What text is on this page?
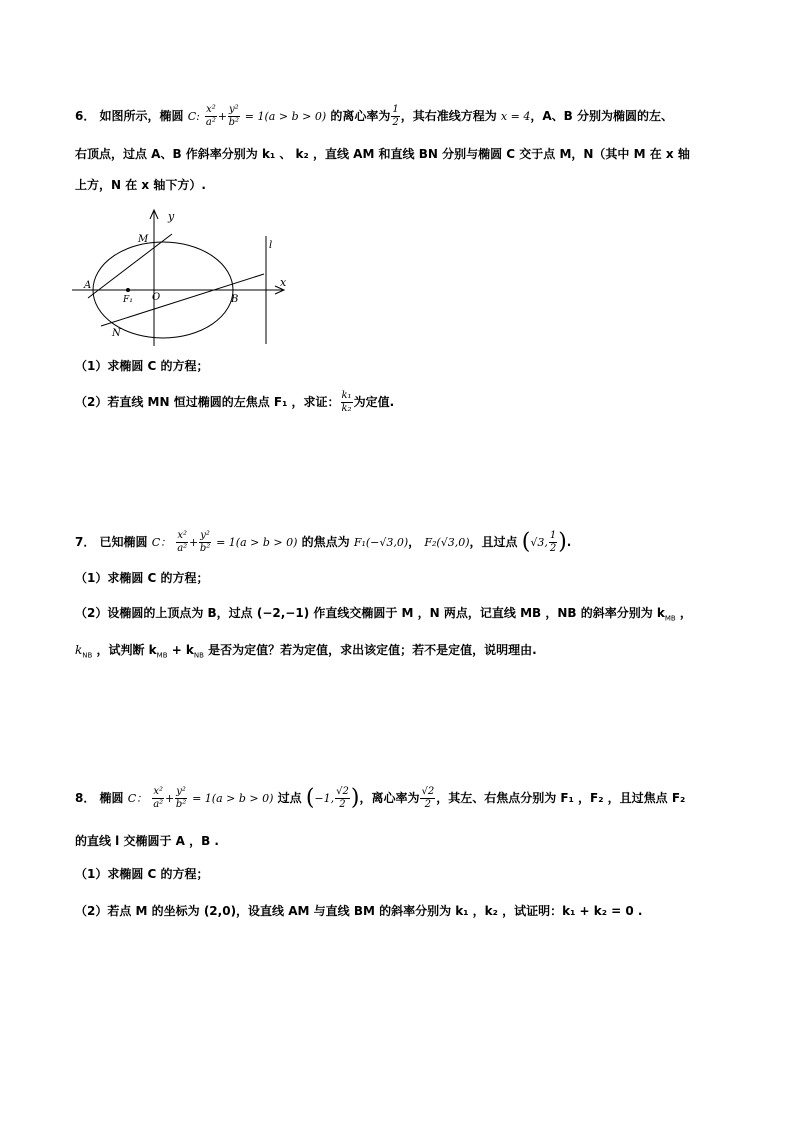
6． 如图所示，椭圆 C: $\frac{\text{x²}}{\text{a²}} + \frac{\text{y²}}{\text{b²}} = 1(a > b > 0)$ 的离心率为 $\frac{1}{2}$ ，其右准线方程为 x = 4，A、B 分别为椭圆的左、
右顶点，过点 A、B 作斜率分别为 k₁ 、 k₂ ，直线 AM 和直线 BN 分别与椭圆 C 交于点 M，N（其中 M 在 x 轴
上方，N 在 x 轴下方）.
y
x
l
M
A
F₁ O	B
N
（1）求椭圆 C 的方程；
（2）若直线 MN 恒过椭圆的左焦点 F₁ ，求证： $\frac{\text{k₁}}{\text{k₂}}$ 为定值.
7． 已知椭圆 C： $\frac{\text{x²}}{\text{a²}} + \frac{\text{y²}}{\text{b²}} = 1(a > b > 0)$ 的焦点为 F₁(−√3,0)， F₂(√3,0)，且过点 (√3, $\frac{1}{2}$ ).
（1）求椭圆 C 的方程；
（2）设椭圆的上顶点为 B，过点 (−2,−1) 作直线交椭圆于 M ，N 两点，记直线 MB ，NB 的斜率分别为 $k_{MB}$ ，
$k_{NB}$ ，试判断 $k_{MB} + k_{NB}$ 是否为定值？若为定值，求出该定值；若不是定值，说明理由.
8． 椭圆 C： $\frac{\text{x²}}{\text{a²}} + \frac{\text{y²}}{\text{b²}} = 1(a > b > 0)$ 过点 (−1, $\frac{√2}{2}$ )，离心率为 $\frac{√2}{2}$ ，其左、右焦点分别为 F₁ ，F₂ ，且过焦点 F₂
的直线 l 交椭圆于 A ，B .
（1）求椭圆 C 的方程；
（2）若点 M 的坐标为 (2,0)，设直线 AM 与直线 BM 的斜率分别为 k₁ ，k₂ ，试证明：k₁ + k₂ = 0 .
